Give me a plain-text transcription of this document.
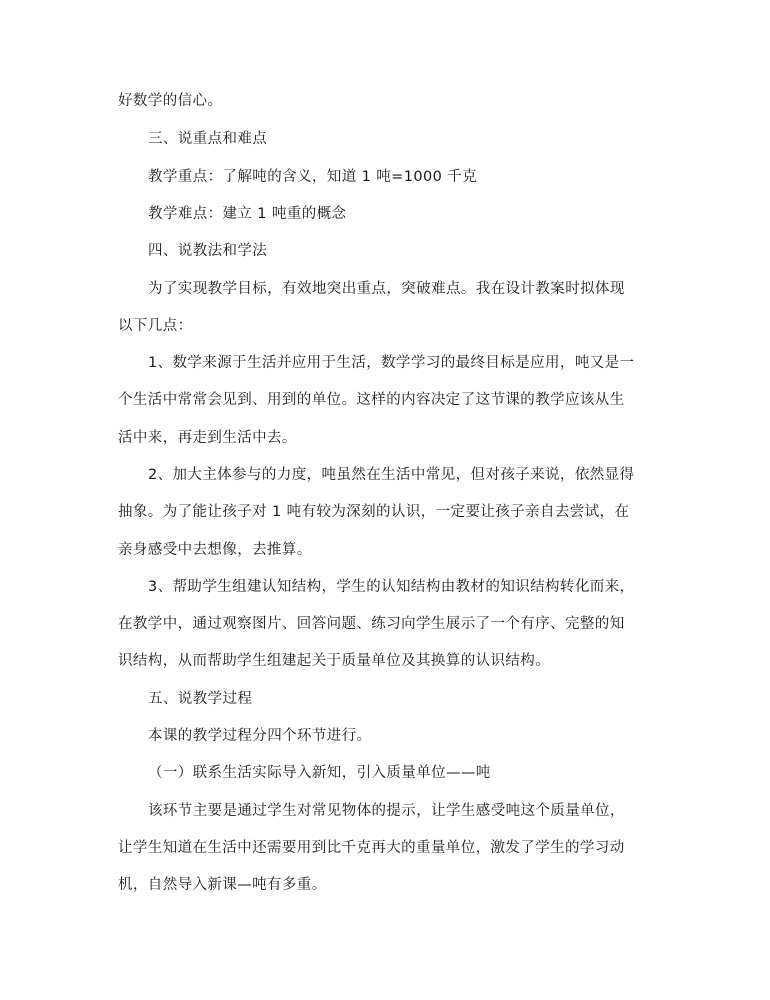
好数学的信心。
三、说重点和难点
教学重点：了解吨的含义，知道 1 吨=1000 千克
教学难点：建立 1 吨重的概念
四、说教法和学法
为了实现教学目标，有效地突出重点，突破难点。我在设计教案时拟体现
以下几点：
1、数学来源于生活并应用于生活，数学学习的最终目标是应用，吨又是一
个生活中常常会见到、用到的单位。这样的内容决定了这节课的教学应该从生
活中来，再走到生活中去。
2、加大主体参与的力度，吨虽然在生活中常见，但对孩子来说，依然显得
抽象。为了能让孩子对 1 吨有较为深刻的认识，一定要让孩子亲自去尝试，在
亲身感受中去想像，去推算。
3、帮助学生组建认知结构，学生的认知结构由教材的知识结构转化而来，
在教学中，通过观察图片、回答问题、练习向学生展示了一个有序、完整的知
识结构，从而帮助学生组建起关于质量单位及其换算的认识结构。
五、说教学过程
本课的教学过程分四个环节进行。
（一）联系生活实际导入新知，引入质量单位——吨
该环节主要是通过学生对常见物体的提示，让学生感受吨这个质量单位，
让学生知道在生活中还需要用到比千克再大的重量单位，激发了学生的学习动
机，自然导入新课—吨有多重。
